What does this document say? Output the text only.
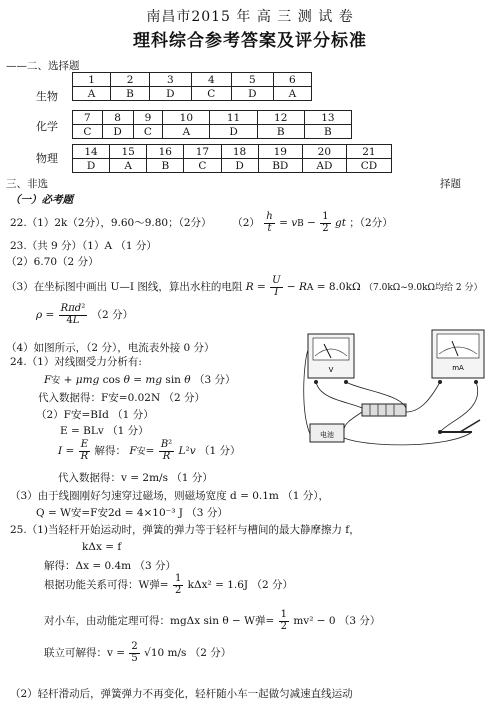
南昌市2015 年 高 三 测 试 卷
理科综合参考答案及评分标准
——二、选择题
生物
1	2	3	4	5	6
A	B	D	C	D	A
化学
7	8	9	10	11	12	13
C	D	C	A	D	B	B
物理
14	15	16	17	18	19	20	21
D	A	B	C	D	BD	AD	CD
三、非选	择题
（一）必考题
22.（1）2k（2分），9.60～9.80；（2分） $(2) \frac{h}{t}$ = vB − $\frac{1}{2}$ gt ；（2分）
23.（共 9 分）（1）A （1 分）
（2）6.70（2 分）
（3）在坐标图中画出 U—I 图线，算出水柱的电阻 $R = \frac{U}{I}$ − RA = 8.0kΩ （7.0kΩ~9.0kΩ均给 2 分）
$\rho = \frac{\text{Rπd²}}{4L} (2$ 分）
（4）如图所示，（2 分），电流表外接 0 分）
24.（1）对线圈受力分析有:
F安 + μmg cos θ = mg sin θ （3 分）
代入数据得：F安=0.02N （2 分）
（2）F安=BId （1 分）
E = BLv （1 分）
$I = \frac{E}{R}$ 解得： F安= $\frac{\text{B²}}{R} L^2v$ （1 分）
代入数据得：v = 2m/s （1 分）
（3）由于线圈刚好匀速穿过磁场，则磁场宽度 d = 0.1m （1 分），
Q = W安=F安2d = 4×10⁻³ J （3 分）
25.（1)当轻杆开始运动时，弹簧的弹力等于轻杆与槽间的最大静摩擦力 f，
kΔx = f
解得：Δx = 0.4m （3 分）
根据功能关系可得：W弹= $\frac{1}{2} k\Delta x^2 = 1.6J$ （2 分）
对小车，由动能定理可得：mgΔx sin θ − W弹= $\frac{1}{2} mv^2 - 0$ （3 分）
联立可解得：$v = \frac{2}{5} √10$ m/s （2 分）
（2）轻杆滑动后，弹簧弹力不再变化，轻杆随小车一起做匀减速直线运动
V	mA
电池
